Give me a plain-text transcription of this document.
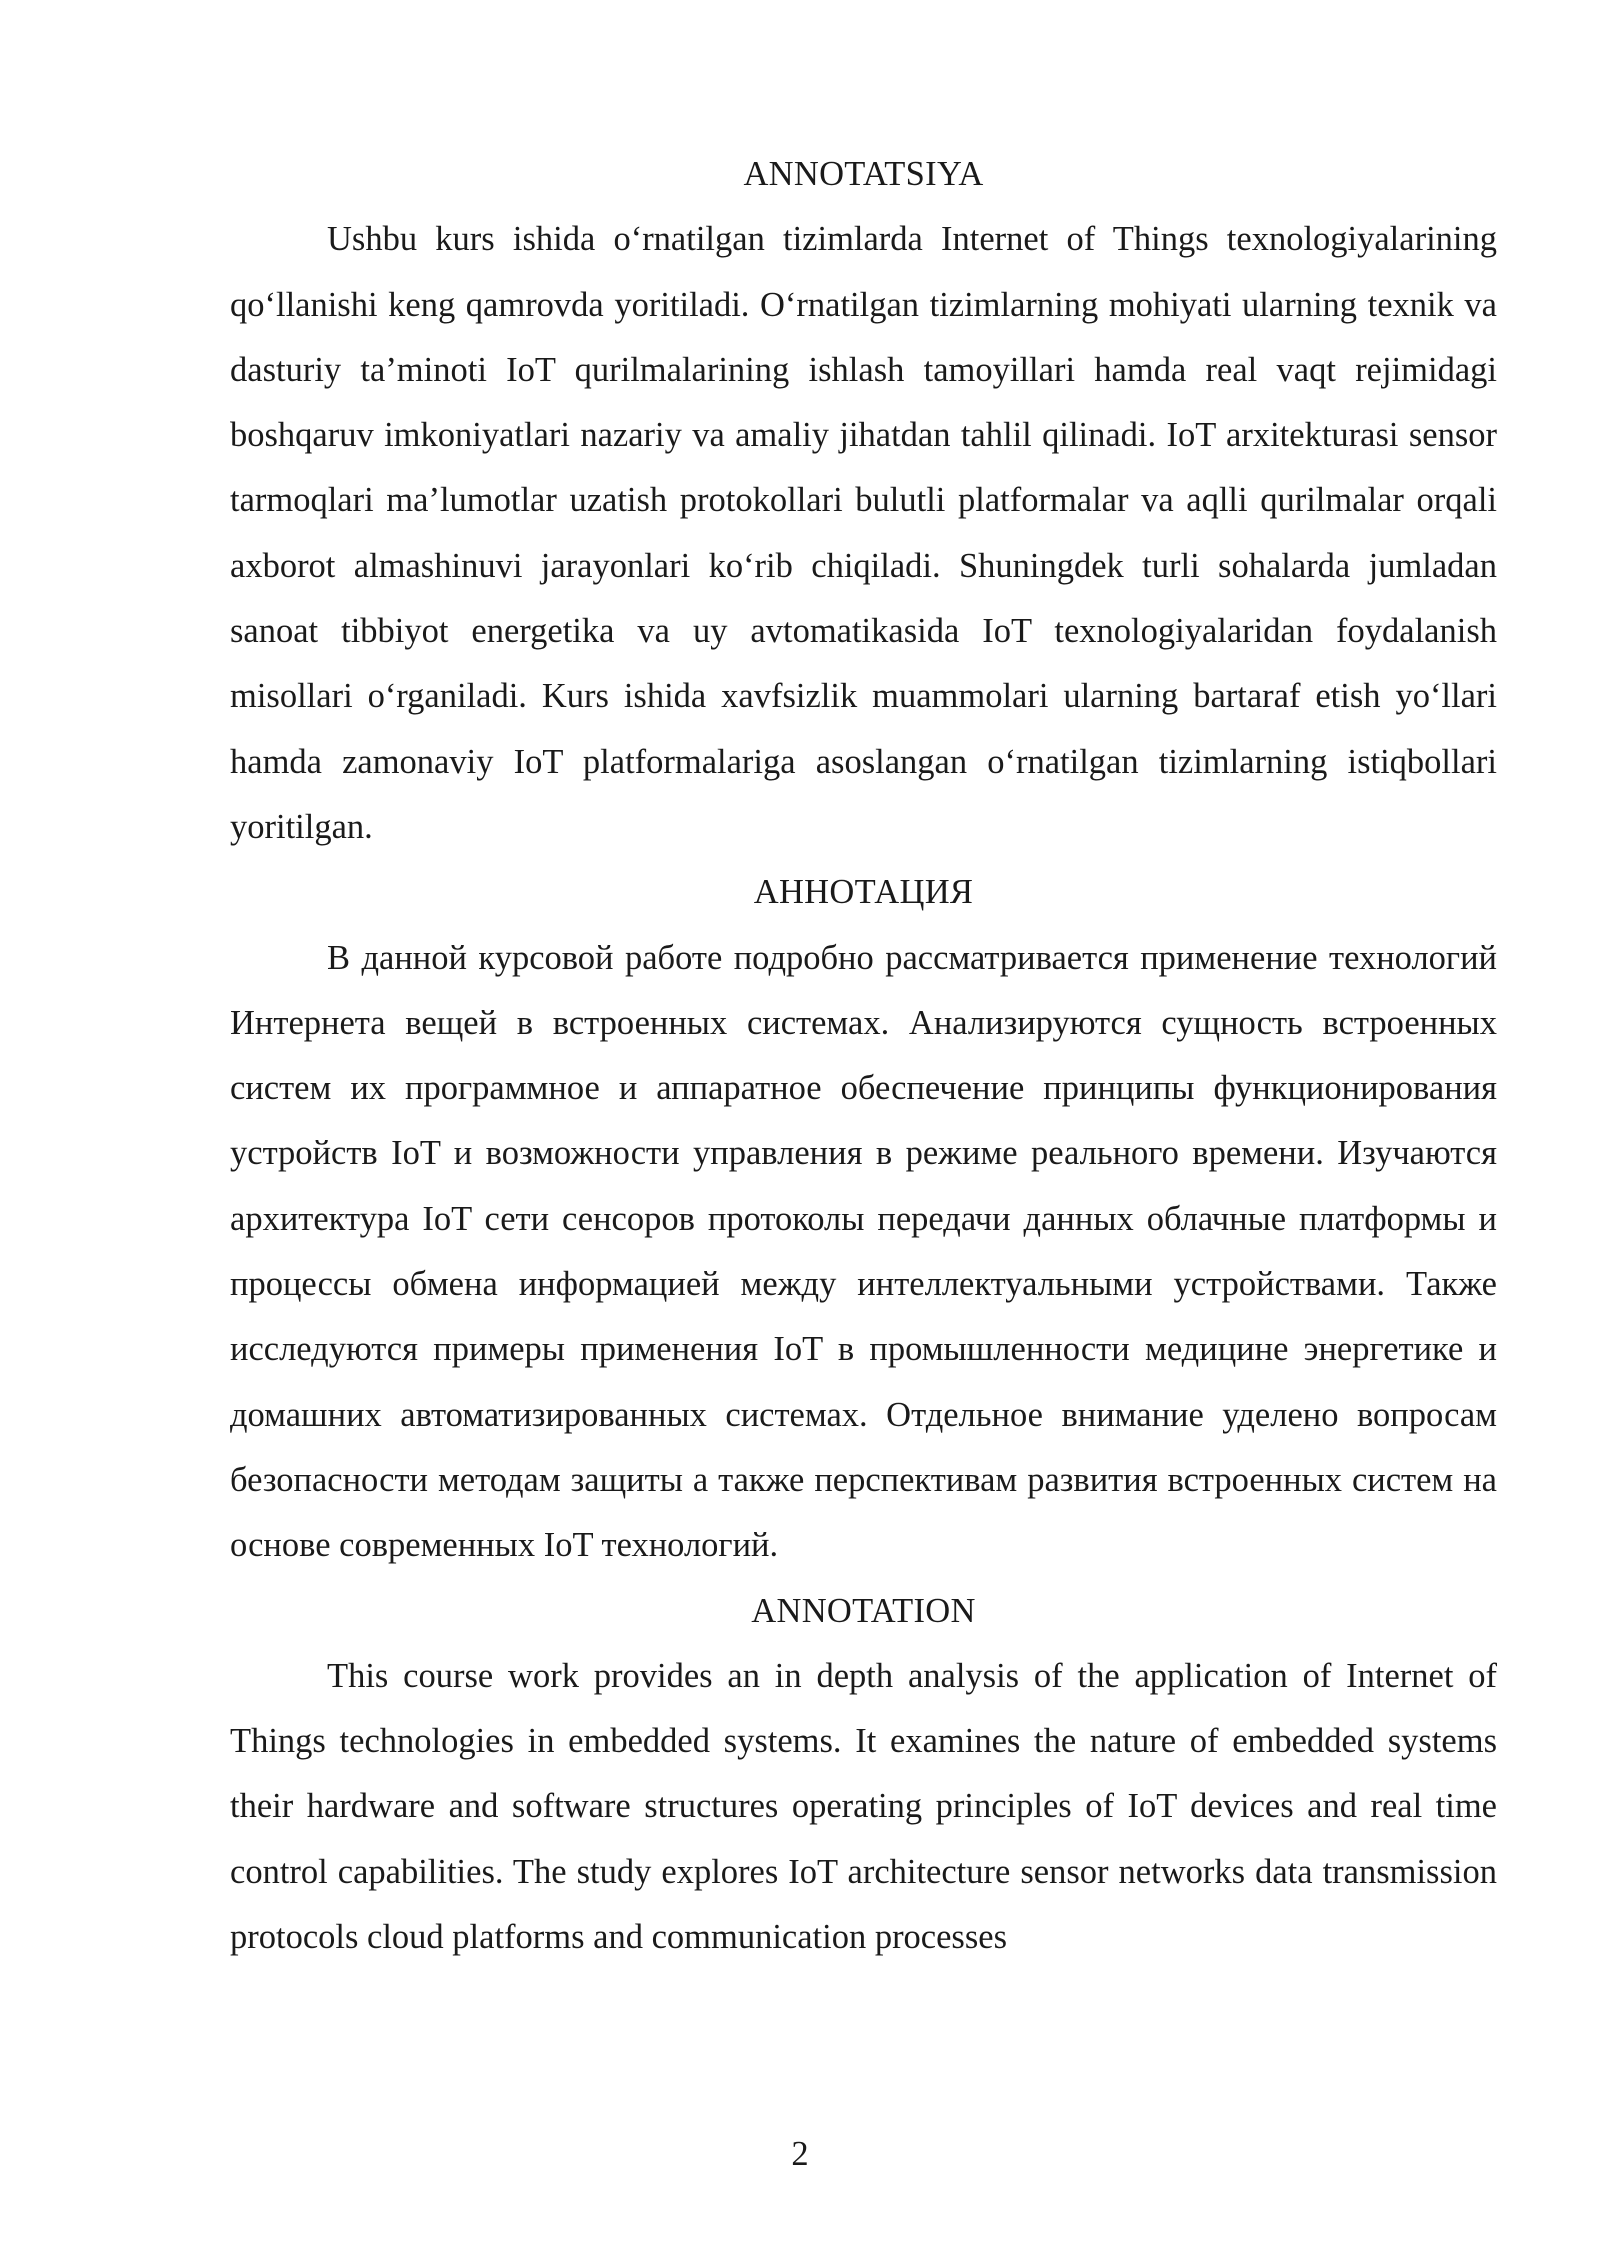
ANNOTATSIYA

Ushbu kurs ishida o‘rnatilgan tizimlarda Internet of Things texnologiyalarining qo‘llanishi keng qamrovda yoritiladi. O‘rnatilgan tizimlarning mohiyati ularning texnik va dasturiy ta’minoti IoT qurilmalarining ishlash tamoyillari hamda real vaqt rejimidagi boshqaruv imkoniyatlari nazariy va amaliy jihatdan tahlil qilinadi. IoT arxitekturasi sensor tarmoqlari ma’lumotlar uzatish protokollari bulutli platformalar va aqlli qurilmalar orqali axborot almashinuvi jarayonlari ko‘rib chiqiladi. Shuningdek turli sohalarda jumladan sanoat tibbiyot energetika va uy avtomatikasida IoT texnologiyalaridan foydalanish misollari o‘rganiladi. Kurs ishida xavfsizlik muammolari ularning bartaraf etish yo‘llari hamda zamonaviy IoT platformalariga asoslangan o‘rnatilgan tizimlarning istiqbollari yoritilgan.

АННОТАЦИЯ

В данной курсовой работе подробно рассматривается применение технологий Интернета вещей в встроенных системах. Анализируются сущность встроенных систем их программное и аппаратное обеспечение принципы функционирования устройств IoT и возможности управления в режиме реального времени. Изучаются архитектура IoT сети сенсоров протоколы передачи данных облачные платформы и процессы обмена информацией между интеллектуальными устройствами. Также исследуются примеры применения IoT в промышленности медицине энергетике и домашних автоматизированных системах. Отдельное внимание уделено вопросам безопасности методам защиты а также перспективам развития встроенных систем на основе современных IoT технологий.

ANNOTATION

This course work provides an in depth analysis of the application of Internet of Things technologies in embedded systems. It examines the nature of embedded systems their hardware and software structures operating principles of IoT devices and real time control capabilities. The study explores IoT architecture sensor networks data transmission protocols cloud platforms and communication processes

2
